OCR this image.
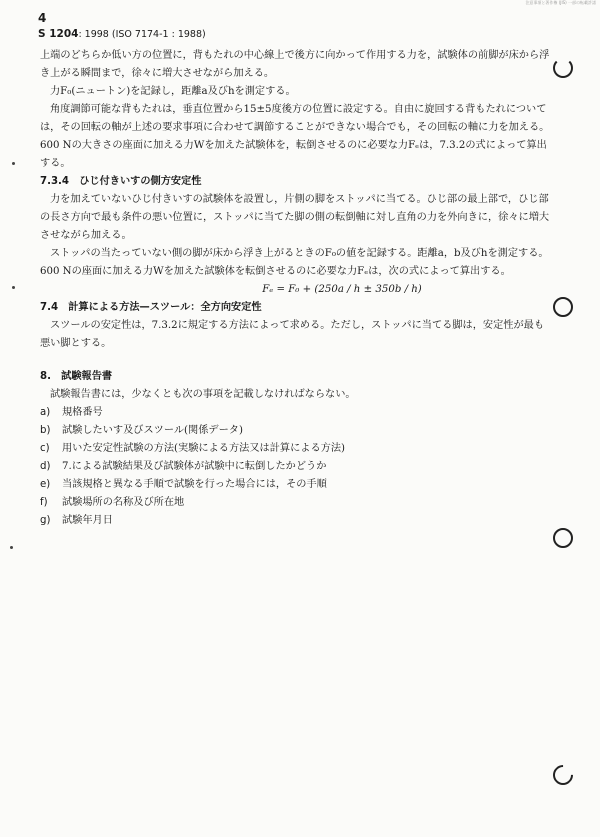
注意事項と著作権 (JIS) 一部の転載許諾
4
S 1204: 1998 (ISO 7174-1 : 1988)

上端のどちらか低い方の位置に，背もたれの中心線上で後方に向かって作用する力を，試験体の前脚が床から浮き上がる瞬間まで，徐々に増大させながら加える。

力F₀(ニュートン)を記録し，距離a及びhを測定する。

角度調節可能な背もたれは，垂直位置から15±5度後方の位置に設定する。自由に旋回する背もたれについては，その回転の軸が上述の要求事項に合わせて調節することができない場合でも，その回転の軸に力を加える。600 Nの大きさの座面に加える力Wを加えた試験体を，転倒させるのに必要な力Fₑは，7.3.2の式によって算出する。

7.3.4　ひじ付きいすの側方安定性

力を加えていないひじ付きいすの試験体を設置し，片側の脚をストッパに当てる。ひじ部の最上部で，ひじ部の長さ方向で最も条件の悪い位置に，ストッパに当てた脚の側の転倒軸に対し直角の力を外向きに，徐々に増大させながら加える。

ストッパの当たっていない側の脚が床から浮き上がるときのF₀の値を記録する。距離a，b及びhを測定する。600 Nの座面に加える力Wを加えた試験体を転倒させるのに必要な力Fₑは，次の式によって算出する。

Fₑ = F₀ + (250a / h ± 350b / h)

7.4　計算による方法—スツール：全方向安定性

スツールの安定性は，7.3.2に規定する方法によって求める。ただし，ストッパに当てる脚は，安定性が最も悪い脚とする。

8.　試験報告書

試験報告書には，少なくとも次の事項を記載しなければならない。

a)	規格番号
b)	試験したいす及びスツール(関係データ)
c)	用いた安定性試験の方法(実験による方法又は計算による方法)
d)	7.による試験結果及び試験体が試験中に転倒したかどうか
e)	当該規格と異なる手順で試験を行った場合には，その手順
f)	試験場所の名称及び所在地
g)	試験年月日
